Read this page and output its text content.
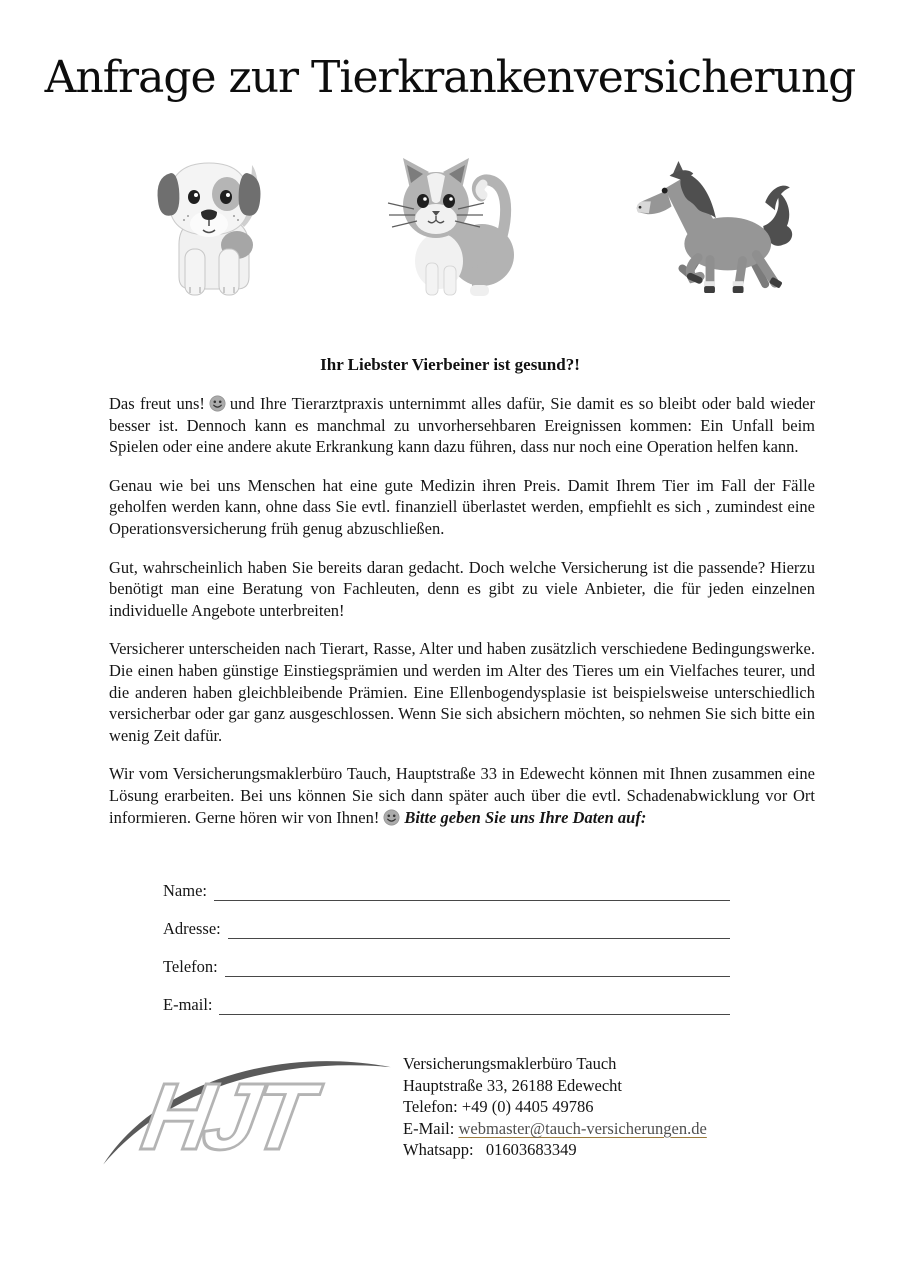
Anfrage zur Tierkrankenversicherung
Ihr Liebster Vierbeiner ist gesund?!

Das freut uns! und Ihre Tierarztpraxis unternimmt alles dafür, Sie damit es so bleibt oder bald wieder besser ist. Dennoch kann es manchmal zu unvorhersehbaren Ereignissen kommen: Ein Unfall beim Spielen oder eine andere akute Erkrankung kann dazu führen, dass nur noch eine Operation helfen kann.

Genau wie bei uns Menschen hat eine gute Medizin ihren Preis. Damit Ihrem Tier im Fall der Fälle geholfen werden kann, ohne dass Sie evtl. finanziell überlastet werden, empfiehlt es sich , zumindest eine Operationsversicherung früh genug abzuschließen.

Gut, wahrscheinlich haben Sie bereits daran gedacht. Doch welche Versicherung ist die passende? Hierzu benötigt man eine Beratung von Fachleuten, denn es gibt zu viele Anbieter, die für jeden einzelnen individuelle Angebote unterbreiten!

Versicherer unterscheiden nach Tierart, Rasse, Alter und haben zusätzlich verschiedene Bedingungswerke. Die einen haben günstige Einstiegsprämien und werden im Alter des Tieres um ein Vielfaches teurer, und die anderen haben gleichbleibende Prämien. Eine Ellenbogendysplasie ist beispielsweise unterschiedlich versicherbar oder gar ganz ausgeschlossen. Wenn Sie sich absichern möchten, so nehmen Sie sich bitte ein wenig Zeit dafür.

Wir vom Versicherungsmaklerbüro Tauch, Hauptstraße 33 in Edewecht können mit Ihnen zusammen eine Lösung erarbeiten. Bei uns können Sie sich dann später auch über die evtl. Schadenabwicklung vor Ort informieren. Gerne hören wir von Ihnen! Bitte geben Sie uns Ihre Daten auf:

Name:
Adresse:
Telefon:
E-mail:
HJT
Versicherungsmaklerbüro Tauch
Hauptstraße 33, 26188 Edewecht
Telefon: +49 (0) 4405 49786
E-Mail: webmaster@tauch-versicherungen.de
Whatsapp:   01603683349
